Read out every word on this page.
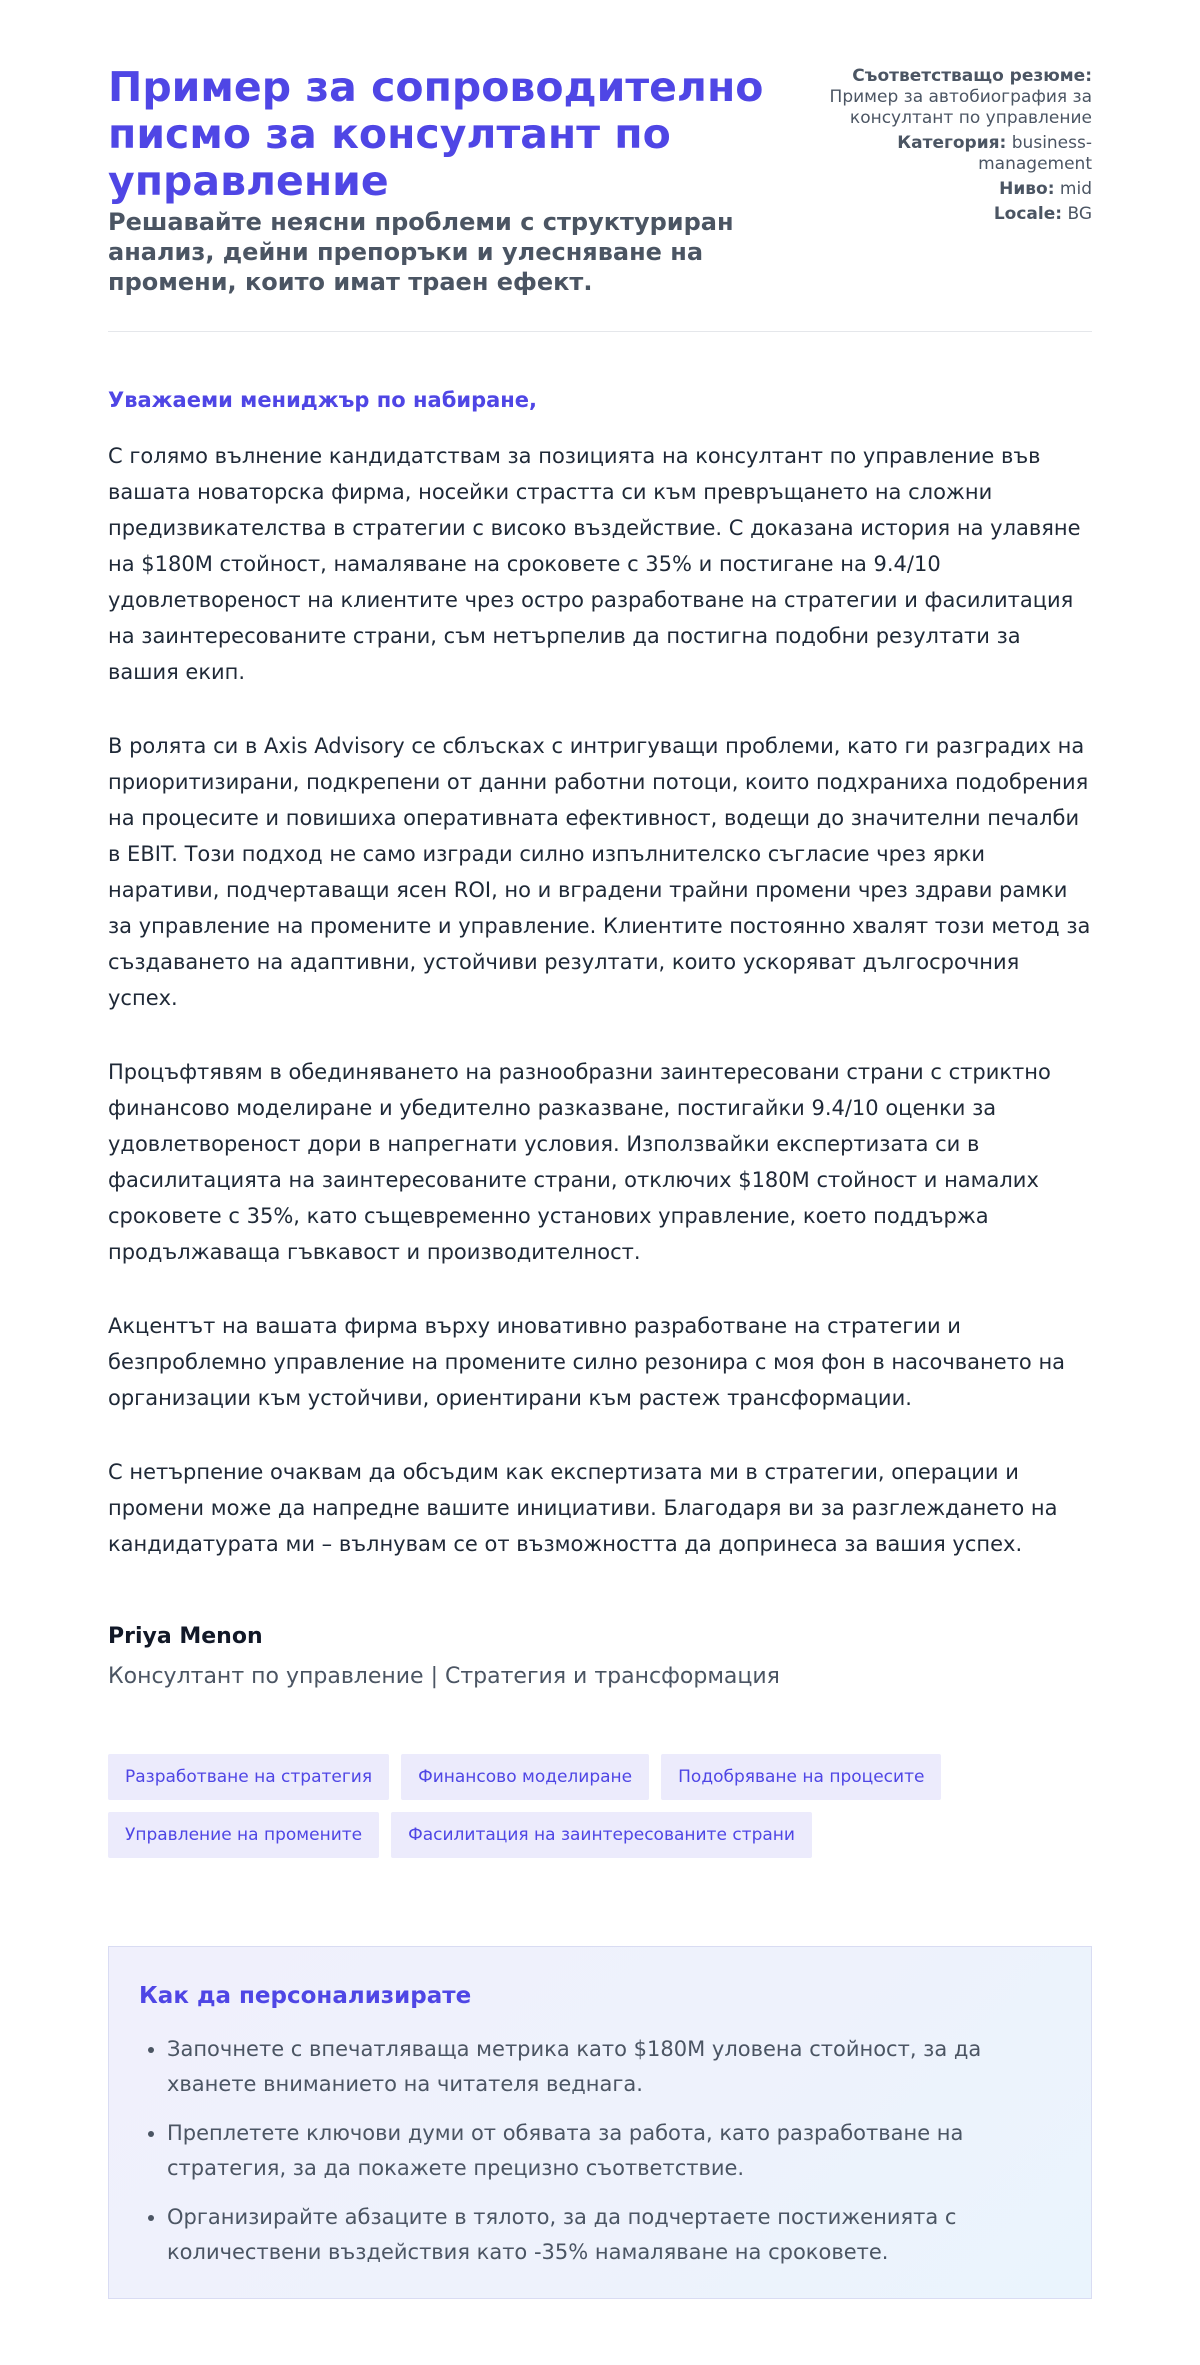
Пример за сопроводително писмо за консултант по управление
Решавайте неясни проблеми с структуриран анализ, дейни препоръки и улесняване на промени, които имат траен ефект.
Съответстващо резюме: Пример за автобиография за консултант по управление
Категория: business-management
Ниво: mid
Locale: BG

Уважаеми мениджър по набиране,

С голямо вълнение кандидатствам за позицията на консултант по управление във вашата новаторска фирма, носейки страстта си към превръщането на сложни предизвикателства в стратегии с високо въздействие. С доказана история на улавяне на $180M стойност, намаляване на сроковете с 35% и постигане на 9.4/10 удовлетвореност на клиентите чрез остро разработване на стратегии и фасилитация на заинтересованите страни, съм нетърпелив да постигна подобни резултати за вашия екип.

В ролята си в Axis Advisory се сблъсках с интригуващи проблеми, като ги разградих на приоритизирани, подкрепени от данни работни потоци, които подхраниха подобрения на процесите и повишиха оперативната ефективност, водещи до значителни печалби в EBIT. Този подход не само изгради силно изпълнителско съгласие чрез ярки наративи, подчертаващи ясен ROI, но и вградени трайни промени чрез здрави рамки за управление на промените и управление. Клиентите постоянно хвалят този метод за създаването на адаптивни, устойчиви резултати, които ускоряват дългосрочния успех.

Процъфтявям в обединяването на разнообразни заинтересовани страни с стриктно финансово моделиране и убедително разказване, постигайки 9.4/10 оценки за удовлетвореност дори в напрегнати условия. Използвайки експертизата си в фасилитацията на заинтересованите страни, отключих $180M стойност и намалих сроковете с 35%, като същевременно установих управление, което поддържа продължаваща гъвкавост и производителност.

Акцентът на вашата фирма върху иновативно разработване на стратегии и безпроблемно управление на промените силно резонира с моя фон в насочването на организации към устойчиви, ориентирани към растеж трансформации.

С нетърпение очаквам да обсъдим как експертизата ми в стратегии, операции и промени може да напредне вашите инициативи. Благодаря ви за разглеждането на кандидатурата ми – вълнувам се от възможността да допринеса за вашия успех.

Priya Menon
Консултант по управление | Стратегия и трансформация
Разработване на стратегия	Финансово моделиране	Подобряване на процесите
Управление на промените	Фасилитация на заинтересованите страни
Как да персонализирате
• Започнете с впечатляваща метрика като $180M уловена стойност, за да хванете вниманието на читателя веднага.
• Преплетете ключови думи от обявата за работа, като разработване на стратегия, за да покажете прецизно съответствие.
• Организирайте абзаците в тялото, за да подчертаете постиженията с количествени въздействия като -35% намаляване на сроковете.
